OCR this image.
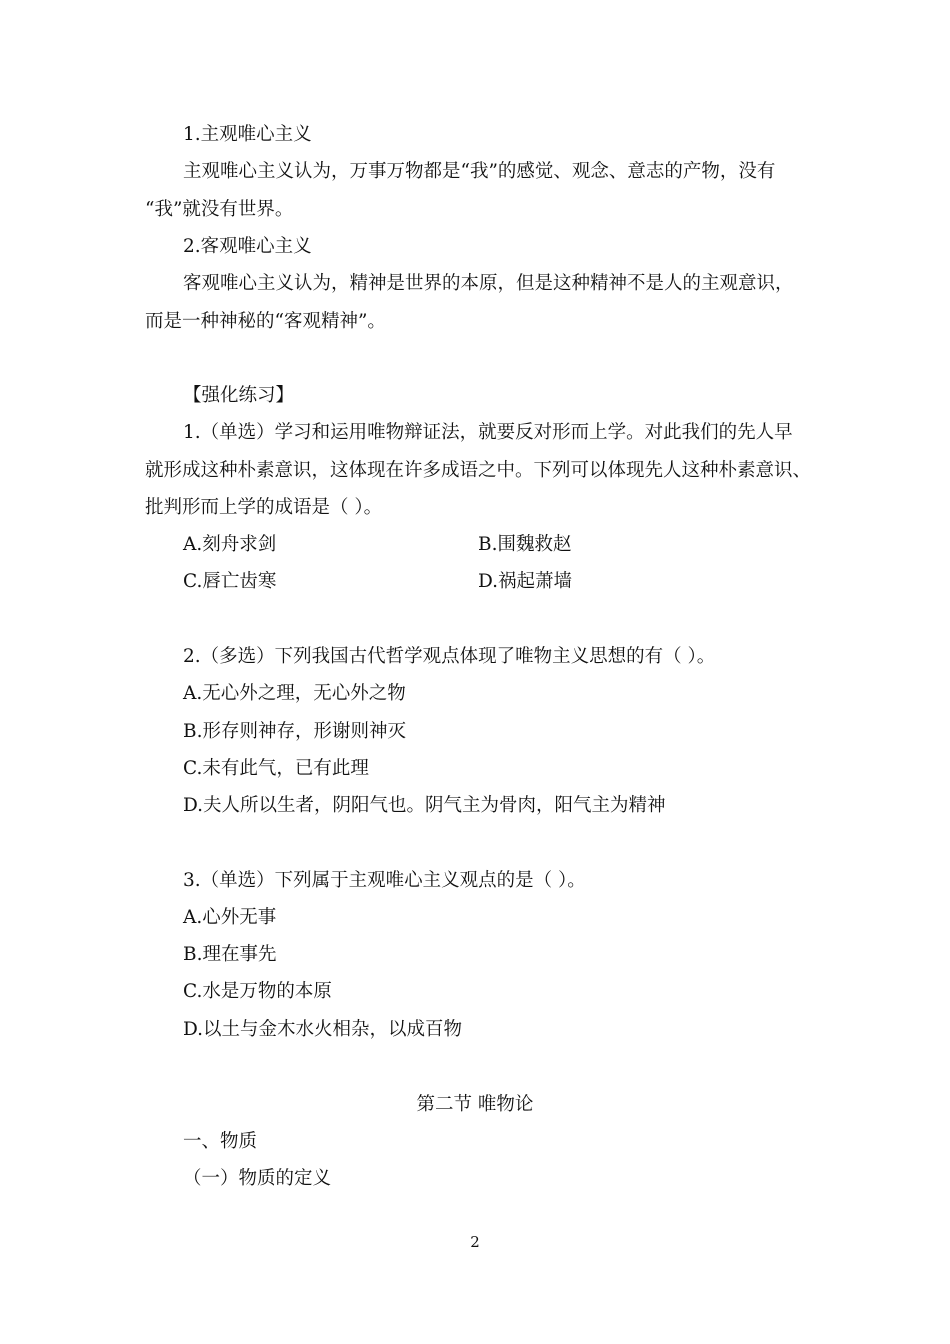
1.主观唯心主义
主观唯心主义认为，万事万物都是“我”的感觉、观念、意志的产物，没有
“我”就没有世界。
2.客观唯心主义
客观唯心主义认为，精神是世界的本原，但是这种精神不是人的主观意识，
而是一种神秘的“客观精神”。
【强化练习】
1.（单选）学习和运用唯物辩证法，就要反对形而上学。对此我们的先人早
就形成这种朴素意识，这体现在许多成语之中。下列可以体现先人这种朴素意识、
批判形而上学的成语是（ ）。
A.刻舟求剑	B.围魏救赵
C.唇亡齿寒	D.祸起萧墙
2.（多选）下列我国古代哲学观点体现了唯物主义思想的有（ ）。
A.无心外之理，无心外之物
B.形存则神存，形谢则神灭
C.未有此气，已有此理
D.夫人所以生者，阴阳气也。阴气主为骨肉，阳气主为精神
3.（单选）下列属于主观唯心主义观点的是（ ）。
A.心外无事
B.理在事先
C.水是万物的本原
D.以土与金木水火相杂，以成百物
第二节 唯物论
一、物质
（一）物质的定义
2
